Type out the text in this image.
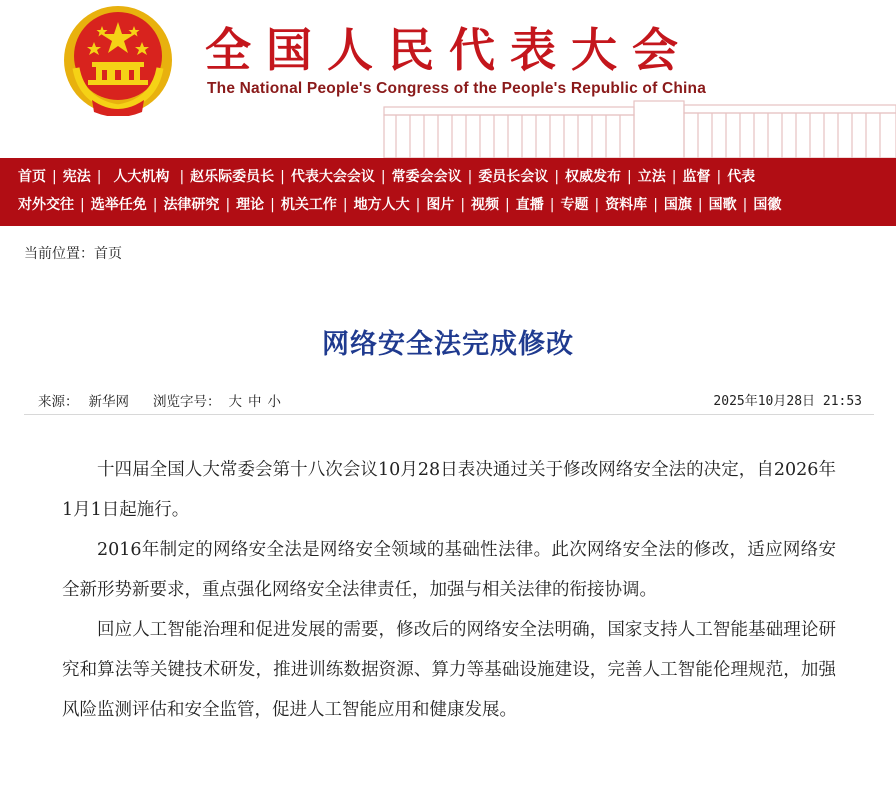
全国人民代表大会
The National People's Congress of the People's Republic of China
首页 | 宪法 | 人大机构 | 赵乐际委员长 | 代表大会会议 | 常委会会议 | 委员长会议 | 权威发布 | 立法 | 监督 | 代表
对外交往 | 选举任免 | 法律研究 | 理论 | 机关工作 | 地方人大 | 图片 | 视频 | 直播 | 专题 | 资料库 | 国旗 | 国歌 | 国徽
当前位置：首页
网络安全法完成修改
来源： 新华网 浏览字号： 大 中 小	2025年10月28日 21:53

十四届全国人大常委会第十八次会议10月28日表决通过关于修改网络安全法的决定，自2026年1月1日起施行。

2016年制定的网络安全法是网络安全领域的基础性法律。此次网络安全法的修改，适应网络安全新形势新要求，重点强化网络安全法律责任，加强与相关法律的衔接协调。

回应人工智能治理和促进发展的需要，修改后的网络安全法明确，国家支持人工智能基础理论研究和算法等关键技术研发，推进训练数据资源、算力等基础设施建设，完善人工智能伦理规范，加强风险监测评估和安全监管，促进人工智能应用和健康发展。
